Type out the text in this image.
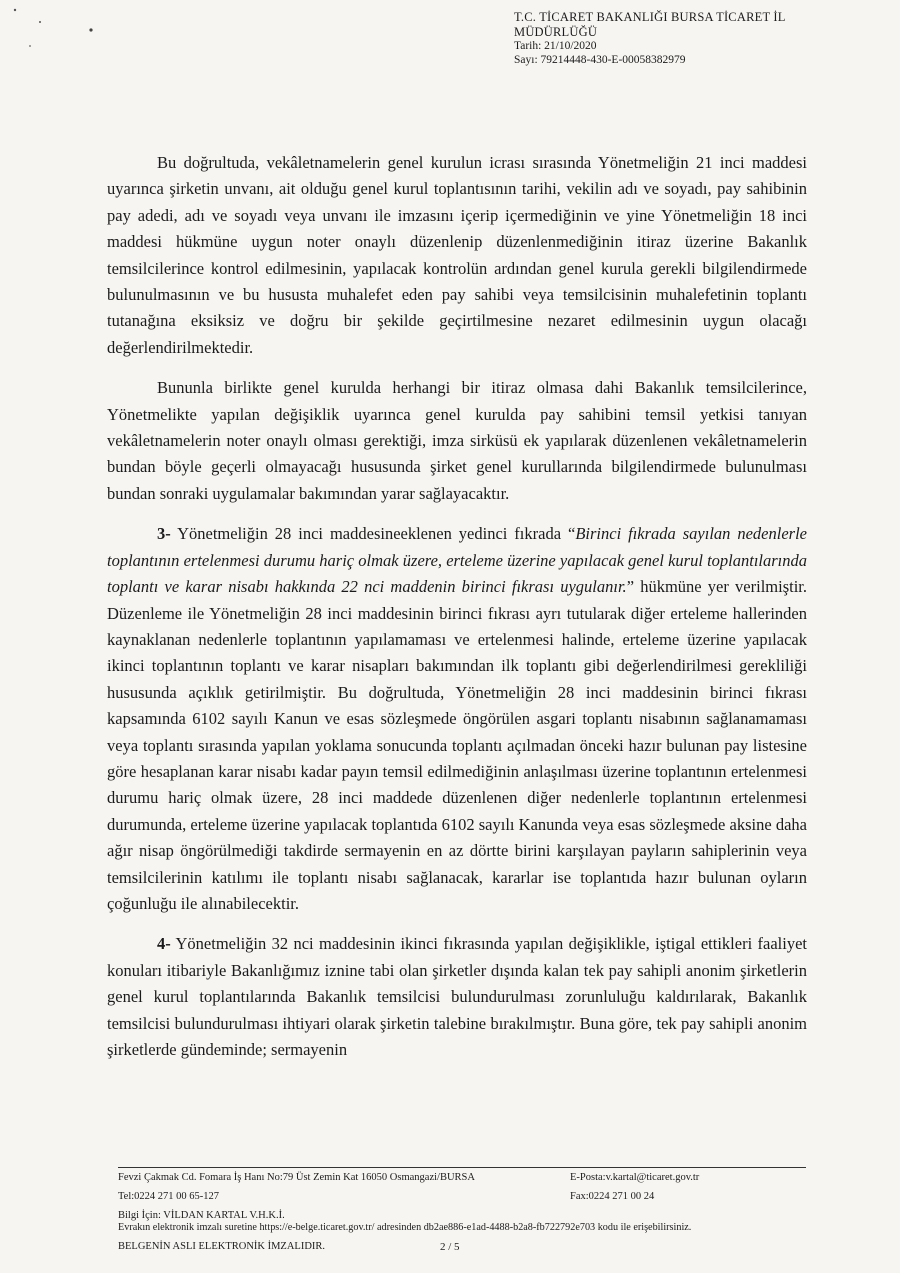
T.C. TİCARET BAKANLIĞI BURSA TİCARET İL
MÜDÜRLÜĞÜ
Tarih: 21/10/2020
Sayı: 79214448-430-E-00058382979

Bu doğrultuda, vekâletnamelerin genel kurulun icrası sırasında Yönetmeliğin 21 inci maddesi uyarınca şirketin unvanı, ait olduğu genel kurul toplantısının tarihi, vekilin adı ve soyadı, pay sahibinin pay adedi, adı ve soyadı veya unvanı ile imzasını içerip içermediğinin ve yine Yönetmeliğin 18 inci maddesi hükmüne uygun noter onaylı düzenlenip düzenlenmediğinin itiraz üzerine Bakanlık temsilcilerince kontrol edilmesinin, yapılacak kontrolün ardından genel kurula gerekli bilgilendirmede bulunulmasının ve bu hususta muhalefet eden pay sahibi veya temsilcisinin muhalefetinin toplantı tutanağına eksiksiz ve doğru bir şekilde geçirtilmesine nezaret edilmesinin uygun olacağı değerlendirilmektedir.

Bununla birlikte genel kurulda herhangi bir itiraz olmasa dahi Bakanlık temsilcilerince, Yönetmelikte yapılan değişiklik uyarınca genel kurulda pay sahibini temsil yetkisi tanıyan vekâletnamelerin noter onaylı olması gerektiği, imza sirküsü ek yapılarak düzenlenen vekâletnamelerin bundan böyle geçerli olmayacağı hususunda şirket genel kurullarında bilgilendirmede bulunulması bundan sonraki uygulamalar bakımından yarar sağlayacaktır.

3- Yönetmeliğin 28 inci maddesineeklenen yedinci fıkrada “Birinci fıkrada sayılan nedenlerle toplantının ertelenmesi durumu hariç olmak üzere, erteleme üzerine yapılacak genel kurul toplantılarında toplantı ve karar nisabı hakkında 22 nci maddenin birinci fıkrası uygulanır.” hükmüne yer verilmiştir. Düzenleme ile Yönetmeliğin 28 inci maddesinin birinci fıkrası ayrı tutularak diğer erteleme hallerinden kaynaklanan nedenlerle toplantının yapılamaması ve ertelenmesi halinde, erteleme üzerine yapılacak ikinci toplantının toplantı ve karar nisapları bakımından ilk toplantı gibi değerlendirilmesi gerekliliği hususunda açıklık getirilmiştir. Bu doğrultuda, Yönetmeliğin 28 inci maddesinin birinci fıkrası kapsamında 6102 sayılı Kanun ve esas sözleşmede öngörülen asgari toplantı nisabının sağlanamaması veya toplantı sırasında yapılan yoklama sonucunda toplantı açılmadan önceki hazır bulunan pay listesine göre hesaplanan karar nisabı kadar payın temsil edilmediğinin anlaşılması üzerine toplantının ertelenmesi durumu hariç olmak üzere, 28 inci maddede düzenlenen diğer nedenlerle toplantının ertelenmesi durumunda, erteleme üzerine yapılacak toplantıda 6102 sayılı Kanunda veya esas sözleşmede aksine daha ağır nisap öngörülmediği takdirde sermayenin en az dörtte birini karşılayan payların sahiplerinin veya temsilcilerinin katılımı ile toplantı nisabı sağlanacak, kararlar ise toplantıda hazır bulunan oyların çoğunluğu ile alınabilecektir.

4- Yönetmeliğin 32 nci maddesinin ikinci fıkrasında yapılan değişiklikle, iştigal ettikleri faaliyet konuları itibariyle Bakanlığımız iznine tabi olan şirketler dışında kalan tek pay sahipli anonim şirketlerin genel kurul toplantılarında Bakanlık temsilcisi bulundurulması zorunluluğu kaldırılarak, Bakanlık temsilcisi bulundurulması ihtiyari olarak şirketin talebine bırakılmıştır. Buna göre, tek pay sahipli anonim şirketlerde gündeminde; sermayenin

Fevzi Çakmak Cd. Fomara İş Hanı No:79 Üst Zemin Kat 16050 Osmangazi/BURSA	E-Posta:v.kartal@ticaret.gov.tr
Tel:0224 271 00 65-127	Fax:0224 271 00 24
Bilgi İçin: VİLDAN KARTAL V.H.K.İ.
Evrakın elektronik imzalı suretine https://e-belge.ticaret.gov.tr/ adresinden db2ae886-e1ad-4488-b2a8-fb722792e703 kodu ile erişebilirsiniz.
BELGENİN ASLI ELEKTRONİK İMZALIDIR.	2 / 5
